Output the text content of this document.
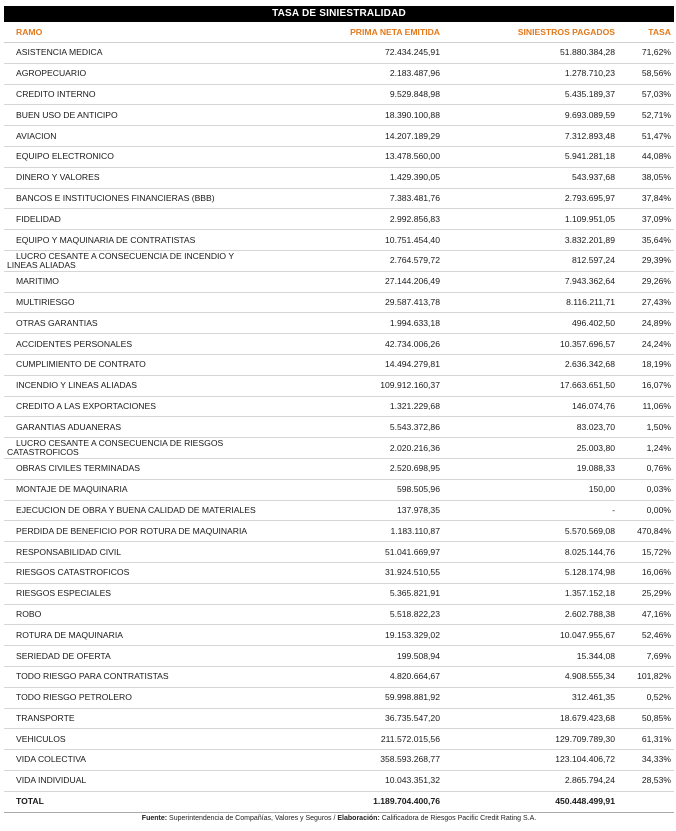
TASA DE SINIESTRALIDAD
RAMO	PRIMA NETA EMITIDA	SINIESTROS PAGADOS	TASA
ASISTENCIA MEDICA	72.434.245,91	51.880.384,28	71,62%
AGROPECUARIO	2.183.487,96	1.278.710,23	58,56%
CREDITO INTERNO	9.529.848,98	5.435.189,37	57,03%
BUEN USO DE ANTICIPO	18.390.100,88	9.693.089,59	52,71%
AVIACION	14.207.189,29	7.312.893,48	51,47%
EQUIPO ELECTRONICO	13.478.560,00	5.941.281,18	44,08%
DINERO Y VALORES	1.429.390,05	543.937,68	38,05%
BANCOS E INSTITUCIONES FINANCIERAS (BBB)	7.383.481,76	2.793.695,97	37,84%
FIDELIDAD	2.992.856,83	1.109.951,05	37,09%
EQUIPO Y MAQUINARIA DE CONTRATISTAS	10.751.454,40	3.832.201,89	35,64%
LUCRO CESANTE A CONSECUENCIA DE INCENDIO Y LINEAS ALIADAS	2.764.579,72	812.597,24	29,39%
MARITIMO	27.144.206,49	7.943.362,64	29,26%
MULTIRIESGO	29.587.413,78	8.116.211,71	27,43%
OTRAS GARANTIAS	1.994.633,18	496.402,50	24,89%
ACCIDENTES PERSONALES	42.734.006,26	10.357.696,57	24,24%
CUMPLIMIENTO DE CONTRATO	14.494.279,81	2.636.342,68	18,19%
INCENDIO Y LINEAS ALIADAS	109.912.160,37	17.663.651,50	16,07%
CREDITO A LAS EXPORTACIONES	1.321.229,68	146.074,76	11,06%
GARANTIAS ADUANERAS	5.543.372,86	83.023,70	1,50%
LUCRO CESANTE A CONSECUENCIA DE RIESGOS CATASTROFICOS	2.020.216,36	25.003,80	1,24%
OBRAS CIVILES TERMINADAS	2.520.698,95	19.088,33	0,76%
MONTAJE DE MAQUINARIA	598.505,96	150,00	0,03%
EJECUCION DE OBRA Y BUENA CALIDAD DE MATERIALES	137.978,35	-	0,00%
PERDIDA DE BENEFICIO POR ROTURA DE MAQUINARIA	1.183.110,87	5.570.569,08	470,84%
RESPONSABILIDAD CIVIL	51.041.669,97	8.025.144,76	15,72%
RIESGOS CATASTROFICOS	31.924.510,55	5.128.174,98	16,06%
RIESGOS ESPECIALES	5.365.821,91	1.357.152,18	25,29%
ROBO	5.518.822,23	2.602.788,38	47,16%
ROTURA DE MAQUINARIA	19.153.329,02	10.047.955,67	52,46%
SERIEDAD DE OFERTA	199.508,94	15.344,08	7,69%
TODO RIESGO PARA CONTRATISTAS	4.820.664,67	4.908.555,34	101,82%
TODO RIESGO PETROLERO	59.998.881,92	312.461,35	0,52%
TRANSPORTE	36.735.547,20	18.679.423,68	50,85%
VEHICULOS	211.572.015,56	129.709.789,30	61,31%
VIDA COLECTIVA	358.593.268,77	123.104.406,72	34,33%
VIDA INDIVIDUAL	10.043.351,32	2.865.794,24	28,53%
TOTAL	1.189.704.400,76	450.448.499,91	
Fuente: Superintendencia de Compañías, Valores y Seguros / Elaboración: Calificadora de Riesgos Pacific Credit Rating S.A.
